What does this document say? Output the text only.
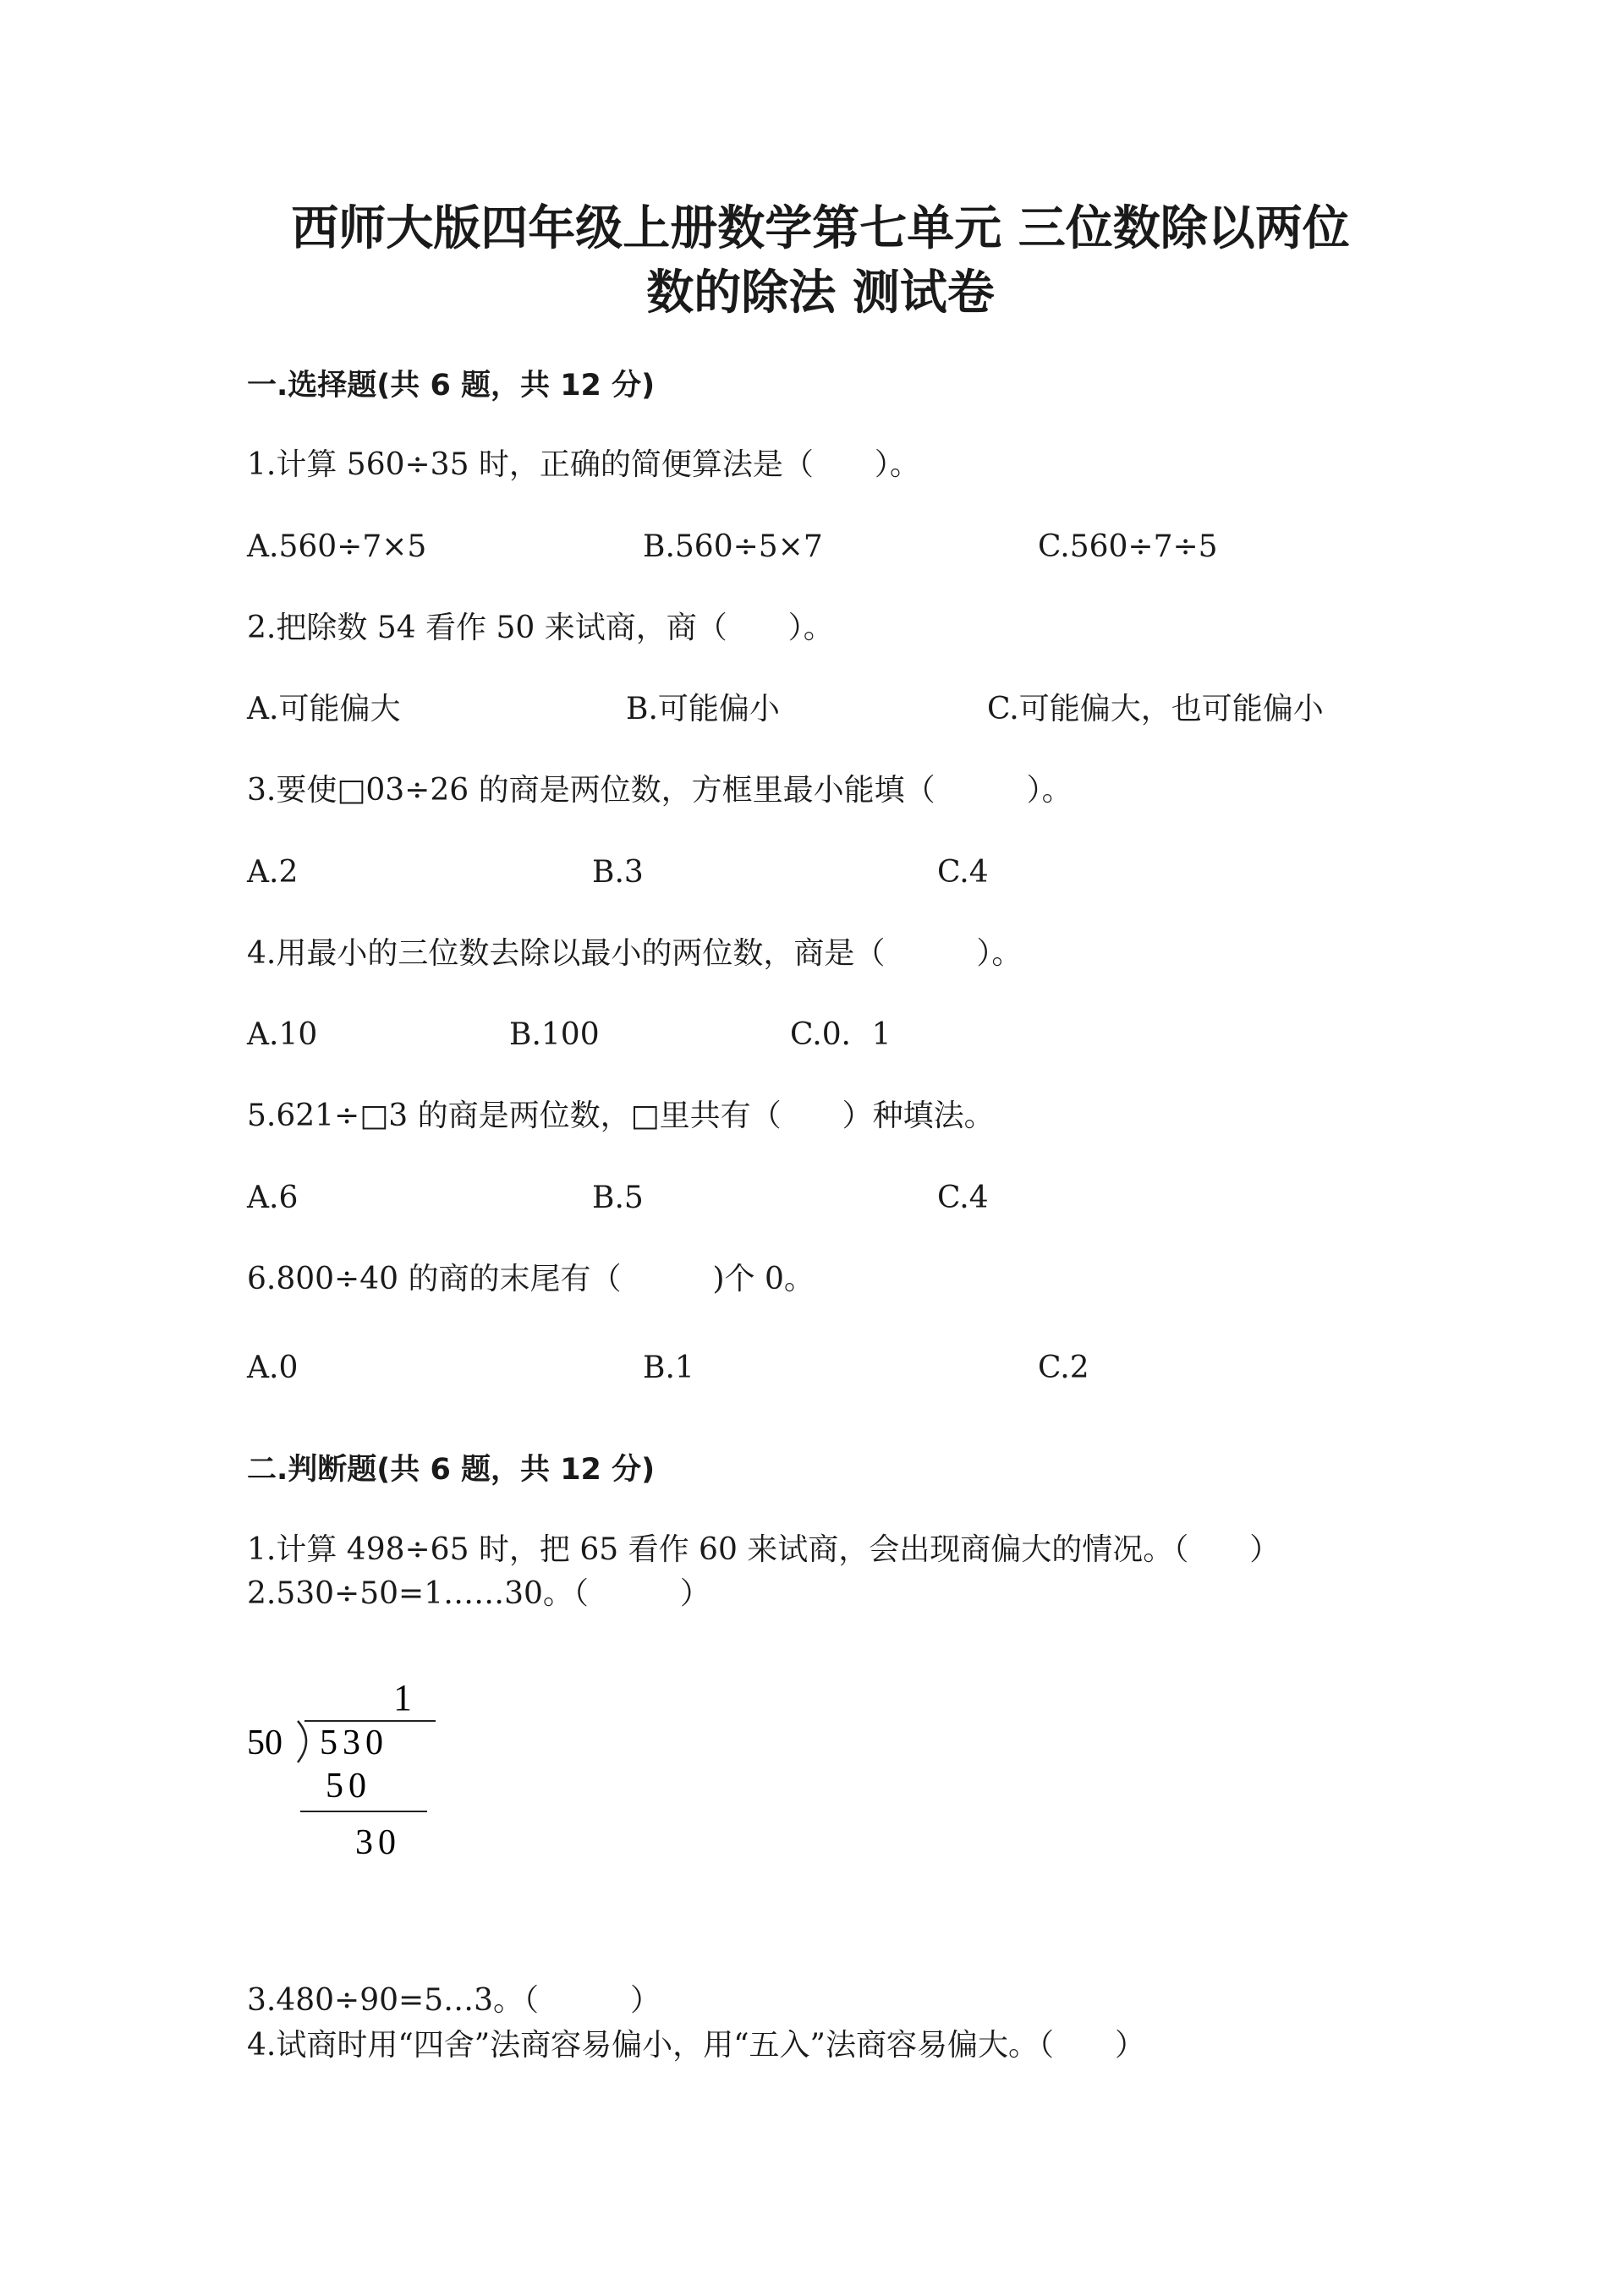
西师大版四年级上册数学第七单元 三位数除以两位
数的除法 测试卷
一.选择题(共 6 题，共 12 分)

1.计算 560÷35 时，正确的简便算法是（　　）。

A.560÷7×5	B.560÷5×7	C.560÷7÷5

2.把除数 54 看作 50 来试商，商（　　）。

A.可能偏大	B.可能偏小	C.可能偏大，也可能偏小

3.要使□03÷26 的商是两位数，方框里最小能填（　　　）。

A.2	B.3	C.4

4.用最小的三位数去除以最小的两位数，商是（　　　）。

A.10	B.100	C.0．1

5.621÷□3 的商是两位数，□里共有（　　）种填法。

A.6	B.5	C.4

6.800÷40 的商的末尾有（　　　)个 0。

A.0	B.1	C.2

二.判断题(共 6 题，共 12 分)

1.计算 498÷65 时，把 65 看作 60 来试商，会出现商偏大的情况。（　　）

2.530÷50=1……30。（　　　）

1
50 530
50
30

3.480÷90=5…3。（　　　）

4.试商时用“四舍”法商容易偏小，用“五入”法商容易偏大。（　　）
